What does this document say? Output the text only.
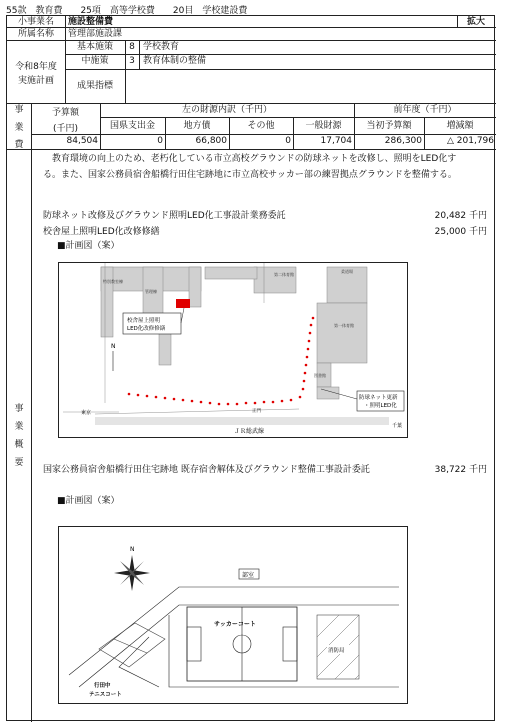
55款　教育費　　25項　高等学校費　　20目　学校建設費
小事業名	施設整備費	拡大
所属名称	管理部施設課
令和8年度
実施計画
基本施策	8 学校教育
中施策	3 教育体制の整備
成果指標
事
業
費
予算額
(千円)
左の財源内訳（千円）	前年度（千円）
国県支出金	地方債	その他	一般財源	当初予算額	増減額
84,504	0	66,800	0	17,704	286,300	△ 201,796
事
業
概
要
教育環境の向上のため、老朽化している市立高校グラウンドの防球ネットを改修し、照明をLED化する。また、国家公務員宿舎船橋行田住宅跡地に市立高校サッカー部の練習拠点グラウンドを整備する。
防球ネット改修及びグラウンド照明LED化工事設計業務委託	20,482 千円
校舎屋上照明LED化改修修繕	25,000 千円
■計画図（案）
第二体育館
柔道場
第一体育館
図書館
特別教室棟
管理棟
校舎屋上照明
LED化改修修繕
防球ネット更新
・照明LED化
ＪＲ総武線
東京
千葉
正門
N
国家公務員宿舎船橋行田住宅跡地 既存宿舎解体及びグラウンド整備工事設計委託	38,722 千円
■計画図（案）
部室
サッカーコート
消防局
行田中
テニスコート
N
